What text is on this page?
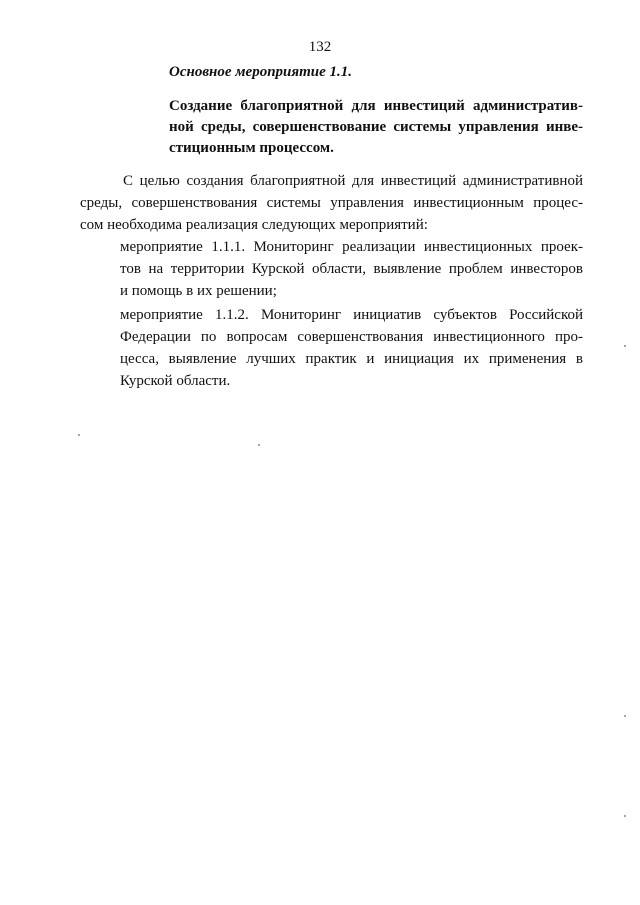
132
Основное мероприятие 1.1.
Создание благоприятной для инвестиций административ-
ной среды, совершенствование системы управления инве-
стиционным процессом.
С целью создания благоприятной для инвестиций административной
среды, совершенствования системы управления инвестиционным процес-
сом необходима реализация следующих мероприятий:
мероприятие 1.1.1. Мониторинг реализации инвестиционных проек-
тов на территории Курской области, выявление проблем инвесторов
и помощь в их решении;
мероприятие 1.1.2. Мониторинг инициатив субъектов Российской
Федерации по вопросам совершенствования инвестиционного про-
цесса, выявление лучших практик и инициация их применения в
Курской области.
